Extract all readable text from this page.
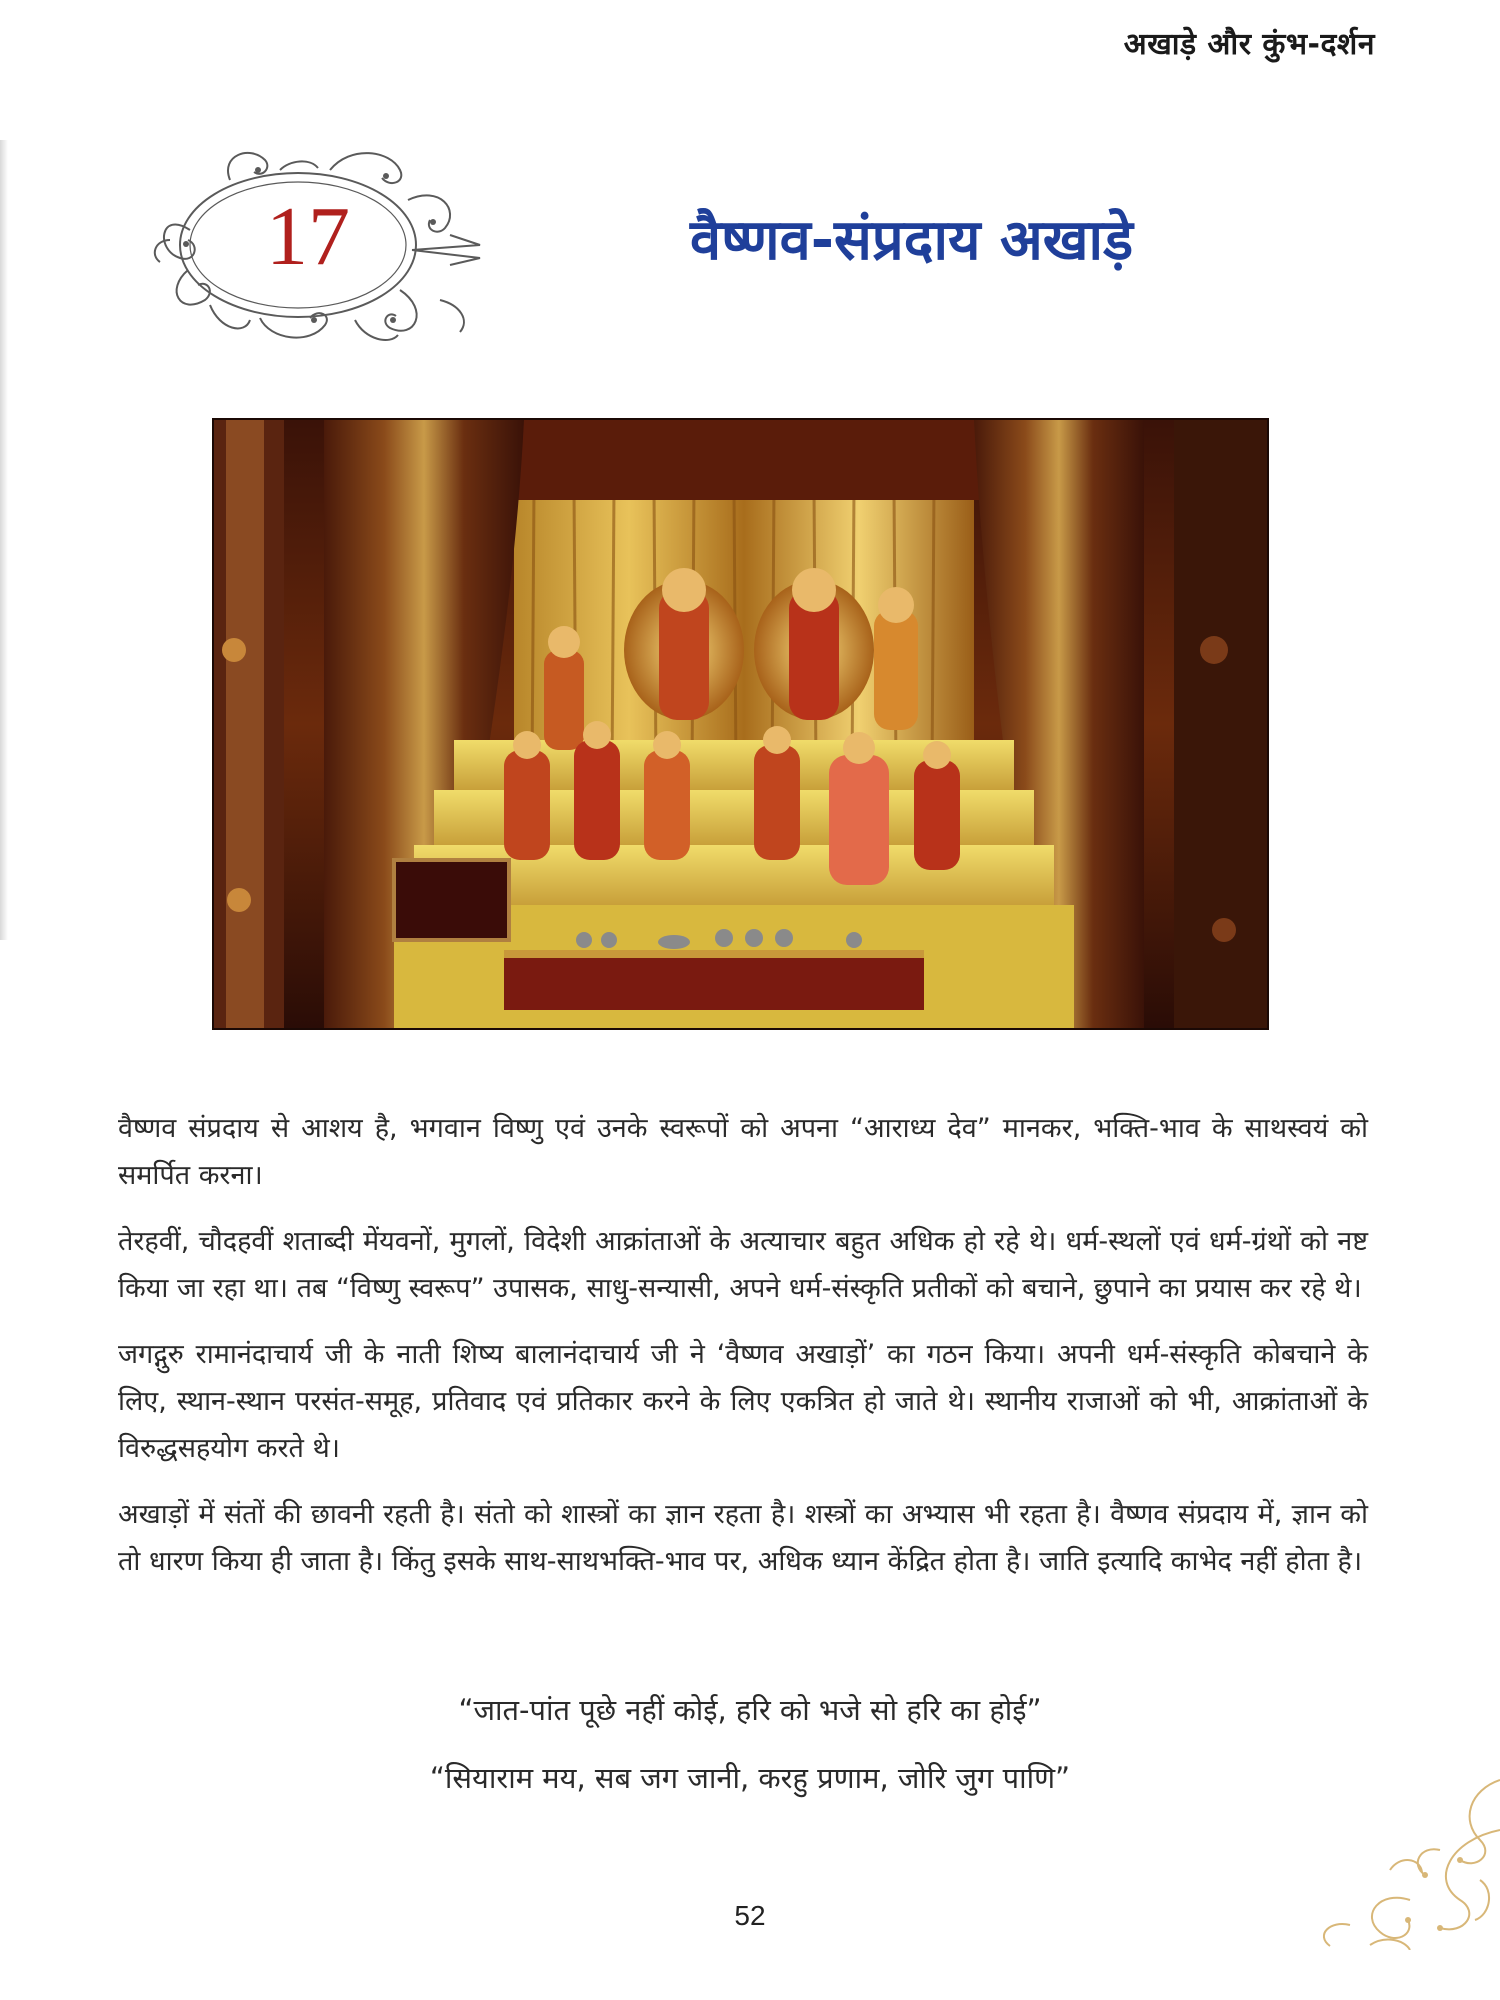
अखाड़े और कुंभ-दर्शन
17	वैष्णव-संप्रदाय अखाड़े

वैष्णव संप्रदाय से आशय है, भगवान विष्णु एवं उनके स्वरूपों को अपना “आराध्य देव” मानकर, भक्ति-भाव के साथस्वयं को समर्पित करना।

तेरहवीं, चौदहवीं शताब्दी मेंयवनों, मुगलों, विदेशी आक्रांताओं के अत्याचार बहुत अधिक हो रहे थे। धर्म-स्थलों एवं धर्म-ग्रंथों को नष्ट किया जा रहा था। तब “विष्णु स्वरूप” उपासक, साधु-सन्यासी, अपने धर्म-संस्कृति प्रतीकों को बचाने, छुपाने का प्रयास कर रहे थे।

जगद्गुरु रामानंदाचार्य जी के नाती शिष्य बालानंदाचार्य जी ने ‘वैष्णव अखाड़ों’ का गठन किया। अपनी धर्म-संस्कृति कोबचाने के लिए, स्थान-स्थान परसंत-समूह, प्रतिवाद एवं प्रतिकार करने के लिए एकत्रित हो जाते थे। स्थानीय राजाओं को भी, आक्रांताओं के विरुद्धसहयोग करते थे।

अखाड़ों में संतों की छावनी रहती है। संतो को शास्त्रों का ज्ञान रहता है। शस्त्रों का अभ्यास भी रहता है। वैष्णव संप्रदाय में, ज्ञान को तो धारण किया ही जाता है। किंतु इसके साथ-साथभक्ति-भाव पर, अधिक ध्यान केंद्रित होता है। जाति इत्यादि काभेद नहीं होता है।

“जात-पांत पूछे नहीं कोई, हरि को भजे सो हरि का होई”
“सियाराम मय, सब जग जानी, करहु प्रणाम, जोरि जुग पाणि”
52
